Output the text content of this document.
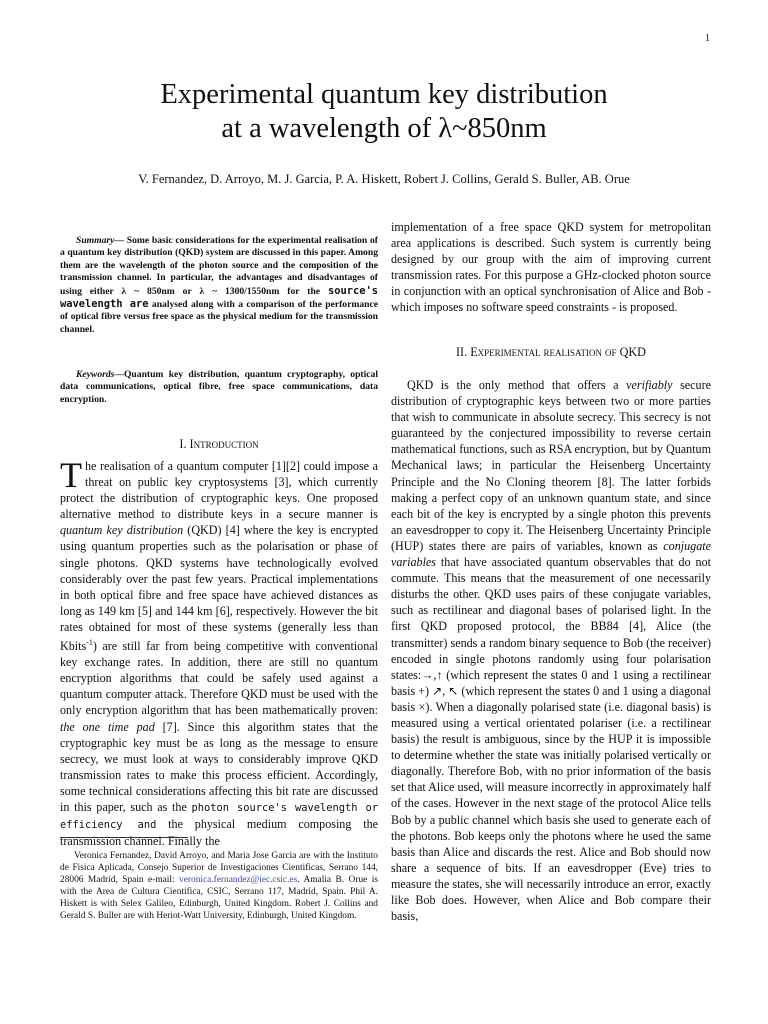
1
Experimental quantum key distribution
at a wavelength of λ~850nm
V. Fernandez, D. Arroyo, M. J. Garcia, P. A. Hiskett, Robert J. Collins, Gerald S. Buller, AB. Orue

Summary— Some basic considerations for the experimental realisation of a quantum key distribution (QKD) system are discussed in this paper. Among them are the wavelength of the photon source and the composition of the transmission channel. In particular, the advantages and disadvantages of using either λ ~ 850nm or λ ~ 1300/1550nm for the source's wavelength are analysed along with a comparison of the performance of optical fibre versus free space as the physical medium for the transmission channel.

Keywords—Quantum key distribution, quantum cryptography, optical data communications, optical fibre, free space communications, data encryption.

I. Introduction

The realisation of a quantum computer [1][2] could impose a threat on public key cryptosystems [3], which currently protect the distribution of cryptographic keys. One proposed alternative method to distribute keys in a secure manner is quantum key distribution (QKD) [4] where the key is encrypted using quantum properties such as the polarisation or phase of single photons. QKD systems have technologically evolved considerably over the past few years. Practical implementations in both optical fibre and free space have achieved distances as long as 149 km [5] and 144 km [6], respectively. However the bit rates obtained for most of these systems (generally less than Kbits$^{-1}$) are still far from being competitive with conventional key exchange rates. In addition, there are still no quantum encryption algorithms that could be safely used against a quantum computer attack. Therefore QKD must be used with the only encryption algorithm that has been mathematically proven: the one time pad [7]. Since this algorithm states that the cryptographic key must be as long as the message to ensure secrecy, we must look at ways to considerably improve QKD transmission rates to make this process efficient. Accordingly, some technical considerations affecting this bit rate are discussed in this paper, such as the photon source's wavelength or efficiency and the physical medium composing the transmission channel. Finally the

Veronica Fernandez, David Arroyo, and Maria Jose Garcia are with the Instituto de Fisica Aplicada, Consejo Superior de Investigaciones Cientificas, Serrano 144, 28006 Madrid, Spain e-mail: veronica.fernandez@iec.csic.es. Amalia B. Orue is with the Area de Cultura Cientifica, CSIC, Serrano 117, Madrid, Spain. Phil A. Hiskett is with Selex Galileo, Edinburgh, United Kingdom. Robert J. Collins and Gerald S. Buller are with Heriot-Watt University, Edinburgh, United Kingdom.

implementation of a free space QKD system for metropolitan area applications is described. Such system is currently being designed by our group with the aim of improving current transmission rates. For this purpose a GHz-clocked photon source in conjunction with an optical synchronisation of Alice and Bob - which imposes no software speed constraints - is proposed.

II. Experimental realisation of QKD

QKD is the only method that offers a verifiably secure distribution of cryptographic keys between two or more parties that wish to communicate in absolute secrecy. This secrecy is not guaranteed by the conjectured impossibility to reverse certain mathematical functions, such as RSA encryption, but by Quantum Mechanical laws; in particular the Heisenberg Uncertainty Principle and the No Cloning theorem [8]. The latter forbids making a perfect copy of an unknown quantum state, and since each bit of the key is encrypted by a single photon this prevents an eavesdropper to copy it. The Heisenberg Uncertainty Principle (HUP) states there are pairs of variables, known as conjugate variables that have associated quantum observables that do not commute. This means that the measurement of one necessarily disturbs the other. QKD uses pairs of these conjugate variables, such as rectilinear and diagonal bases of polarised light. In the first QKD proposed protocol, the BB84 [4], Alice (the transmitter) sends a random binary sequence to Bob (the receiver) encoded in single photons randomly using four polarisation states:→,↑ (which represent the states 0 and 1 using a rectilinear basis +) ↗, ↖ (which represent the states 0 and 1 using a diagonal basis ×). When a diagonally polarised state (i.e. diagonal basis) is measured using a vertical orientated polariser (i.e. a rectilinear basis) the result is ambiguous, since by the HUP it is impossible to determine whether the state was initially polarised vertically or diagonally. Therefore Bob, with no prior information of the basis set that Alice used, will measure incorrectly in approximately half of the cases. However in the next stage of the protocol Alice tells Bob by a public channel which basis she used to generate each of the photons. Bob keeps only the photons where he used the same basis than Alice and discards the rest. Alice and Bob should now share a sequence of bits. If an eavesdropper (Eve) tries to measure the states, she will necessarily introduce an error, exactly like Bob does. However, when Alice and Bob compare their basis,
